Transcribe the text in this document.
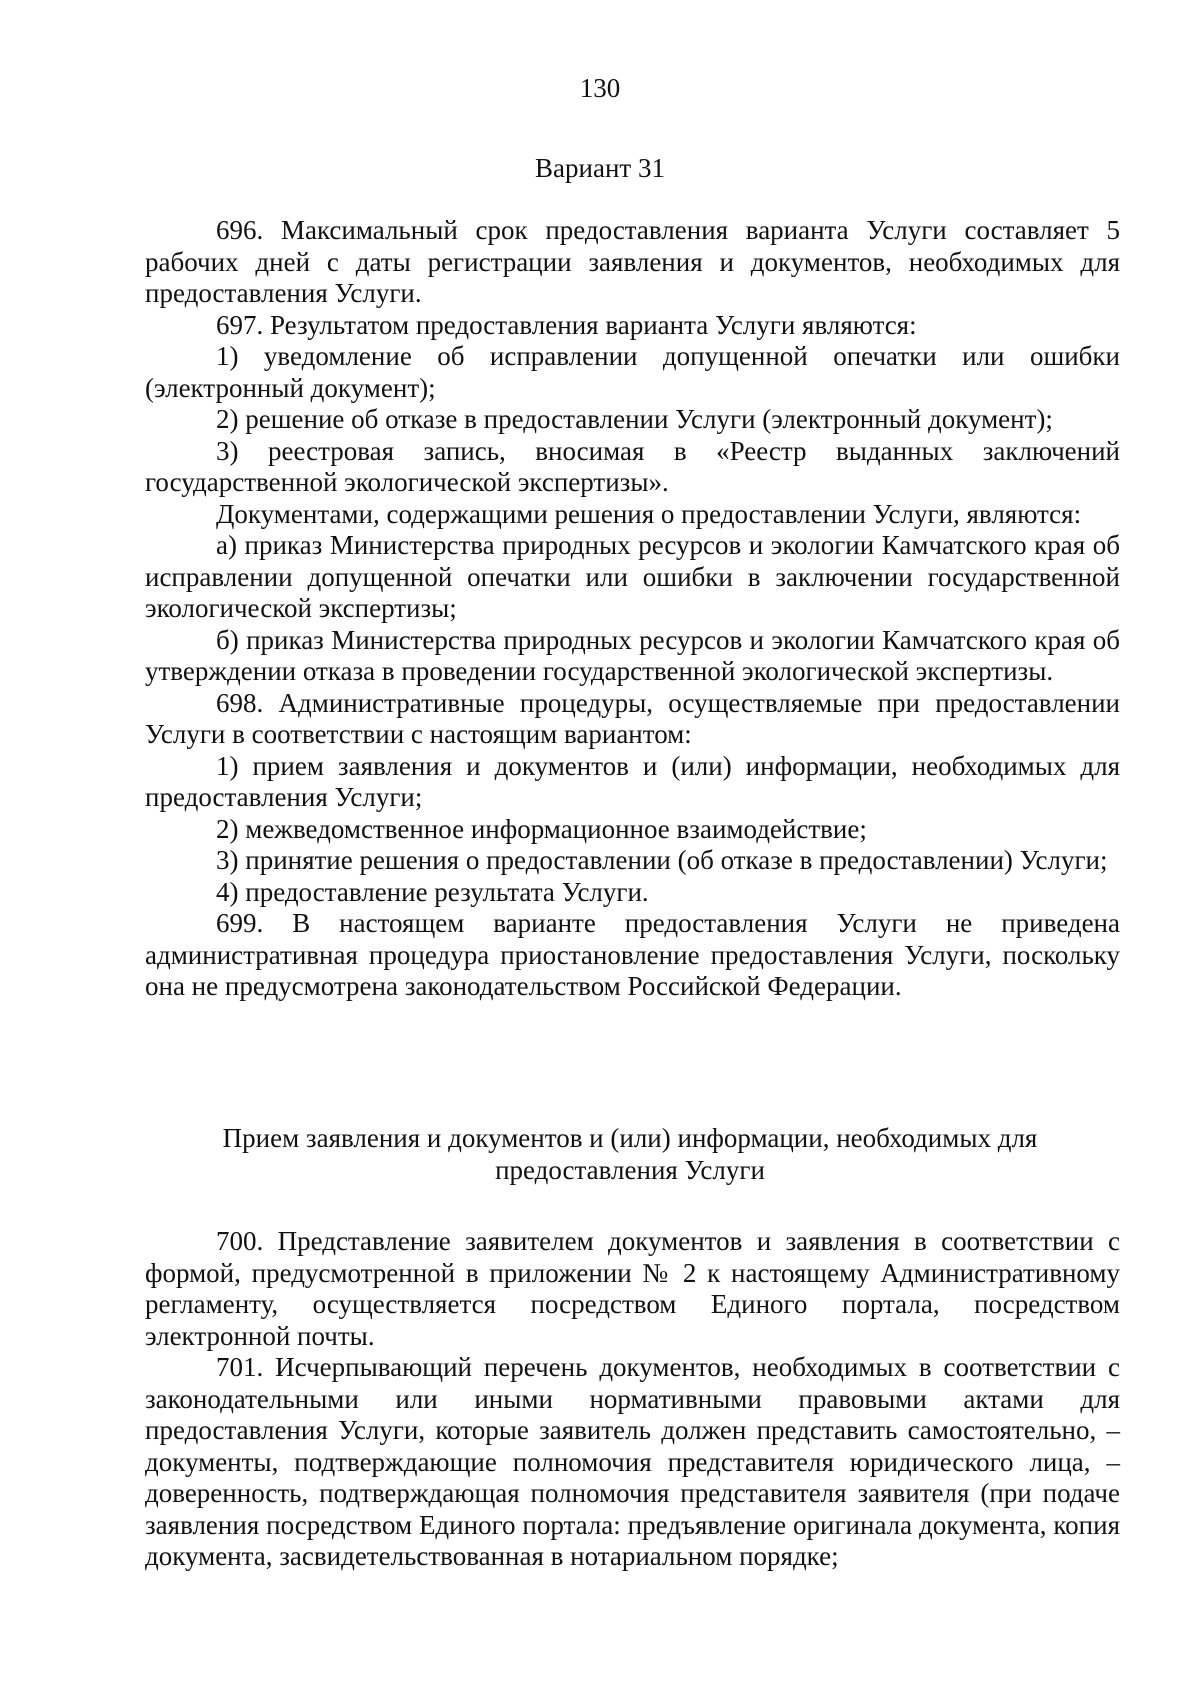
130
Вариант 31

696. Максимальный срок предоставления варианта Услуги составляет 5 рабочих дней с даты регистрации заявления и документов, необходимых для предоставления Услуги.

697. Результатом предоставления варианта Услуги являются:

1) уведомление об исправлении допущенной опечатки или ошибки (электронный документ);

2) решение об отказе в предоставлении Услуги (электронный документ);

3) реестровая запись, вносимая в «Реестр выданных заключений государственной экологической экспертизы».

Документами, содержащими решения о предоставлении Услуги, являются:

а) приказ Министерства природных ресурсов и экологии Камчатского края об исправлении допущенной опечатки или ошибки в заключении государственной экологической экспертизы;

б) приказ Министерства природных ресурсов и экологии Камчатского края об утверждении отказа в проведении государственной экологической экспертизы.

698. Административные процедуры, осуществляемые при предоставлении Услуги в соответствии с настоящим вариантом:

1) прием заявления и документов и (или) информации, необходимых для предоставления Услуги;

2) межведомственное информационное взаимодействие;

3) принятие решения о предоставлении (об отказе в предоставлении) Услуги;

4) предоставление результата Услуги.

699. В настоящем варианте предоставления Услуги не приведена административная процедура приостановление предоставления Услуги, поскольку она не предусмотрена законодательством Российской Федерации.

Прием заявления и документов и (или) информации, необходимых для предоставления Услуги

700. Представление заявителем документов и заявления в соответствии с формой, предусмотренной в приложении № 2 к настоящему Административному регламенту, осуществляется посредством Единого портала, посредством электронной почты.

701. Исчерпывающий перечень документов, необходимых в соответствии с законодательными или иными нормативными правовыми актами для предоставления Услуги, которые заявитель должен представить самостоятельно, – документы, подтверждающие полномочия представителя юридического лица, – доверенность, подтверждающая полномочия представителя заявителя (при подаче заявления посредством Единого портала: предъявление оригинала документа, копия документа, засвидетельствованная в нотариальном порядке;
